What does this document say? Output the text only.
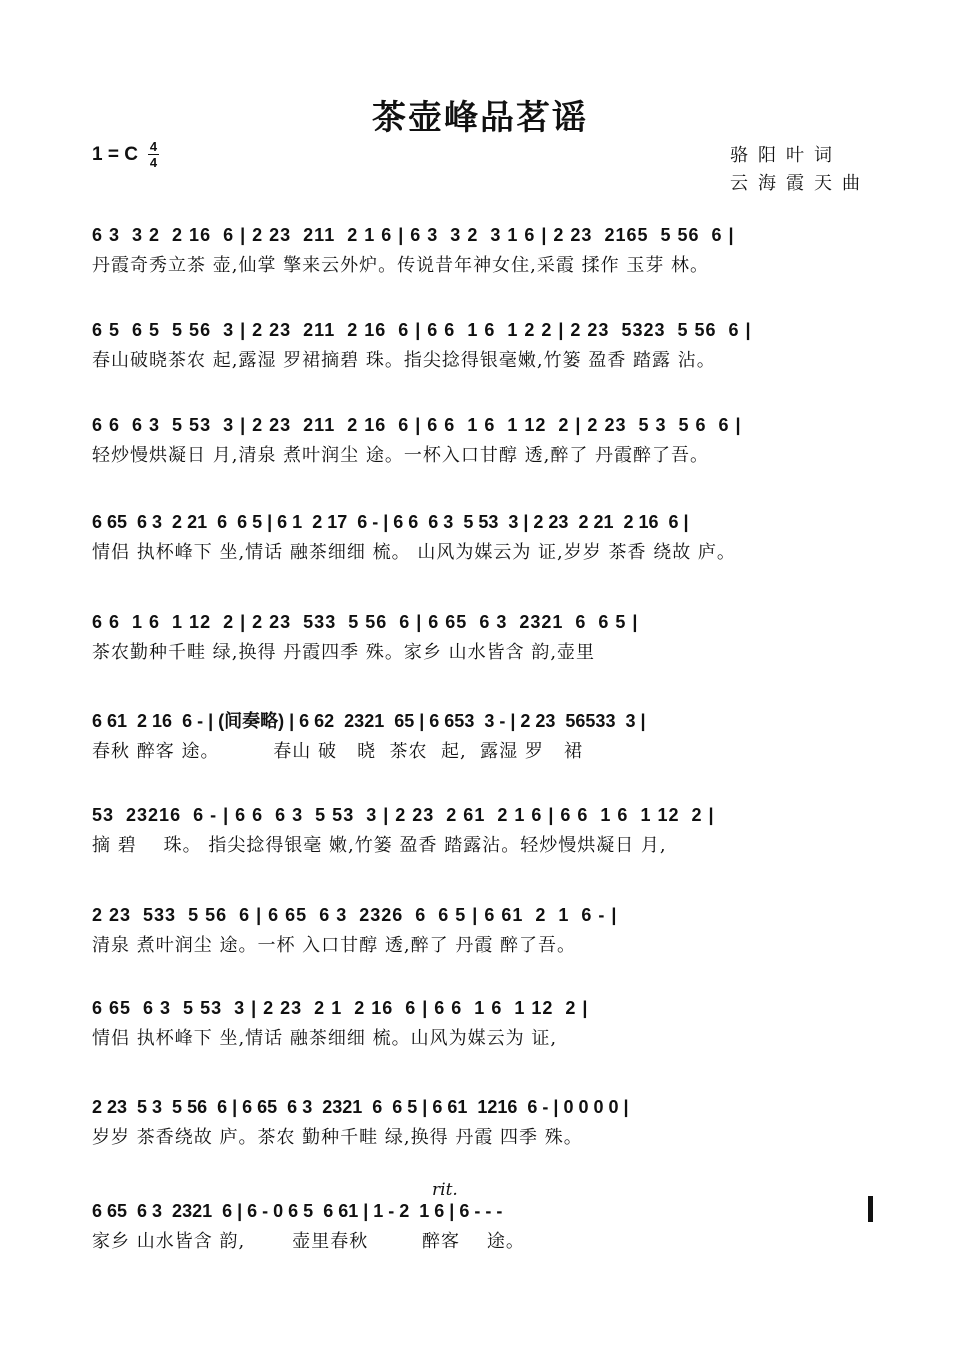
茶壶峰品茗谣
1 = C $\frac{4}{4}$	骆阳叶词
云海霞天曲
6 3  3 2  2 16  6 | 2 23  211  2 1 6 | 6 3  3 2  3 1 6 | 2 23  2165  5 56  6 |
丹霞奇秀立茶 壶,仙掌 擎来云外炉。传说昔年神女住,采霞 揉作 玉芽 林。
6 5  6 5  5 56  3 | 2 23  211  2 16  6 | 6 6  1 6  1 2 2 | 2 23  5323  5 56  6 |
春山破晓茶农 起,露湿 罗裙摘碧 珠。指尖捻得银毫嫩,竹篓 盈香 踏露 沾。
6 6  6 3  5 53  3 | 2 23  211  2 16  6 | 6 6  1 6  1 12  2 | 2 23  5 3  5 6  6 |
轻炒慢烘凝日 月,清泉 煮叶润尘 途。一杯入口甘醇 透,醉了 丹霞醉了吾。
6 65  6 3  2 21  6  6 5 | 6 1  2 17  6 - | 6 6  6 3  5 53  3 | 2 23  2 21  2 16  6 |
情侣 执杯峰下 坐,情话 融茶细细 梳。 山风为媒云为 证,岁岁 茶香 绕故 庐。
6 6  1 6  1 12  2 | 2 23  533  5 56  6 | 6 65  6 3  2321  6  6 5 |
茶农勤种千畦 绿,换得 丹霞四季 殊。家乡 山水皆含 韵,壶里
6 61  2 16  6 - | (间奏略) | 6 62  2321  65 | 6 653  3 - | 2 23  56533  3 |
春秋 醉客 途。        春山 破   晓  茶农  起,  露湿 罗   裙
53  23216  6 - | 6 6  6 3  5 53  3 | 2 23  2 61  2 1 6 | 6 6  1 6  1 12  2 |
摘 碧    珠。 指尖捻得银毫 嫩,竹篓 盈香 踏露沾。轻炒慢烘凝日 月,
2 23  533  5 56  6 | 6 65  6 3  2326  6  6 5 | 6 61  2  1  6 - |
清泉 煮叶润尘 途。一杯 入口甘醇 透,醉了 丹霞 醉了吾。
6 65  6 3  5 53  3 | 2 23  2 1  2 16  6 | 6 6  1 6  1 12  2 |
情侣 执杯峰下 坐,情话 融茶细细 梳。山风为媒云为 证,
2 23  5 3  5 56  6 | 6 65  6 3  2321  6  6 5 | 6 61  1216  6 - | 0 0 0 0 |
岁岁 茶香绕故 庐。茶农 勤种千畦 绿,换得 丹霞 四季 殊。
rit.
6 65  6 3  2321  6 | 6 - 0 6 5  6 61 | 1 - 2  1 6 | 6 - - -
家乡 山水皆含 韵,       壶里春秋        醉客    途。
